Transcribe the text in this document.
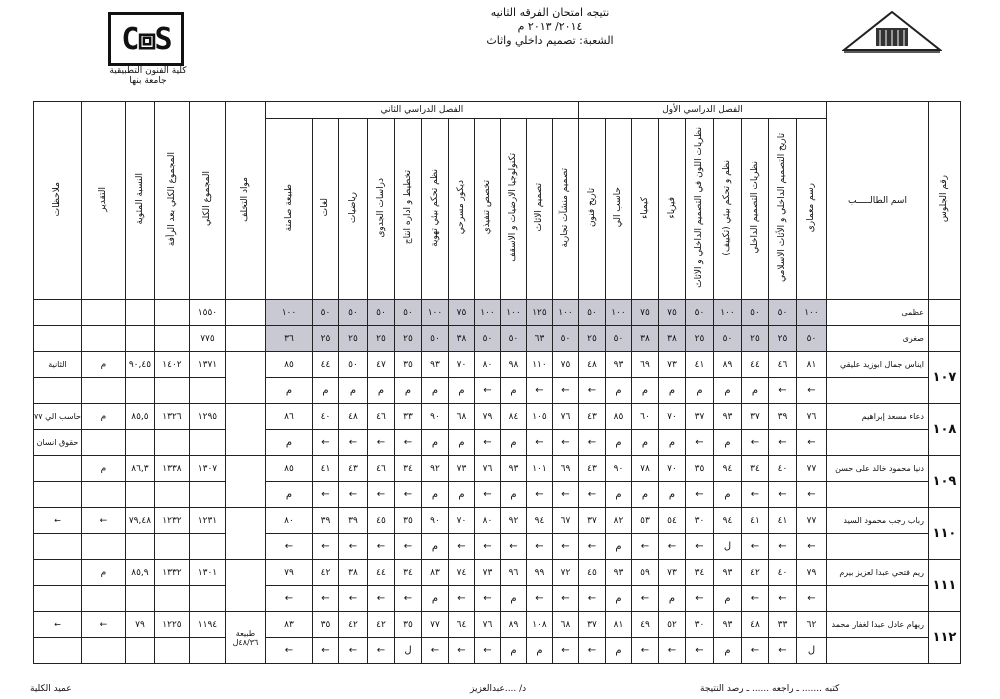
C⧈S
كلية الفنون التطبيقية
جامعة بنها
نتيجه امتحان الفرقه الثانيه
٢٠١٤/ ٢٠١٣ م
الشعبة: تصميم داخلي واثاث
رقم الجلوس	اسم الطالـــــب	الفصل الدراسي الأول									الفصل الدراسي الثاني											مواد التخلف	المجموع الكلي	المجموع الكلي بعد الرأفة	النسبة المئوية	التقدير	ملاحظات
		رسم معمارى	تاريخ التصميم الداخلي و الأثاث الاسلامي	نظريات التصميم الداخلي	نظم و تحكم بيئي (تكييف)	نظريات اللون في التصميم الداخلي و الاثاث	فيزياء	كيمياء	حاسب الي	تاريخ فنون	تصميم منشآت تجارية	تصميم الاثاث	تكنولوجيا الارضيات و الاسقف	تخصص تنفيذي	ديكور مسرحي	نظم تحكم بيئي تهوية	تخطيط و اداره انتاج	دراسات الجدوى	رياضيات	لغات	طبيعة صامتة						
	عظمى	١٠٠	٥٠	٥٠	١٠٠	٥٠	٧٥	٧٥	١٠٠	٥٠	١٠٠	١٢٥	١٠٠	١٠٠	٧٥	١٠٠	٥٠	٥٠	٥٠	٥٠	١٠٠		١٥٥٠				
	صغرى	٥٠	٢٥	٢٥	٥٠	٢٥	٣٨	٣٨	٥٠	٢٥	٥٠	٦٣	٥٠	٥٠	٣٨	٥٠	٢٥	٢٥	٢٥	٢٥	٣٦		٧٧٥				
١٠٧	ايناس جمال ابوزيد عليقي	٨١	٤٦	٤٤	٨٩	٤١	٧٣	٦٩	٩٣	٤٨	٧٥	١١٠	٩٨	٨٠	٧٠	٩٣	٣٥	٤٧	٥٠	٤٤	٨٥		١٣٧١	١٤٠٢	٩٠,٤٥	م	الثانية
		←	←	م	م	م	م	م	م	←	←	←	م	←	م	م	م	م	م	م	م						
١٠٨	دعاء مسعد إبراهيم	٧٦	٣٩	٣٧	٩٣	٣٧	٧٠	٦٠	٨٥	٤٣	٧٦	١٠٥	٨٤	٧٩	٦٨	٩٠	٣٣	٤٦	٤٨	٤٠	٨٦		١٢٩٥	١٣٢٦	٨٥,٥	م	حاسب الي ٧٧
		←	←	←	م	←	م	م	م	←	←	←	م	←	م	م	←	←	←	←	م						حقوق انسان
١٠٩	دنيا محمود خالد على حسن	٧٧	٤٠	٣٤	٩٤	٣٥	٧٠	٧٨	٩٠	٤٣	٦٩	١٠١	٩٣	٧٦	٧٣	٩٢	٣٤	٤٦	٤٣	٤١	٨٥		١٣٠٧	١٣٣٨	٨٦,٣	م	
		←	←	←	م	←	م	م	م	←	←	←	م	←	م	م	←	←	←	←	م						
١١٠	رباب رجب محمود السيد	٧٧	٤١	٤١	٩٤	٣٠	٥٤	٥٣	٨٢	٣٧	٦٧	٩٤	٩٢	٨٠	٧٠	٩٠	٣٥	٤٥	٣٩	٣٩	٨٠		١٢٣١	١٢٣٢	٧٩,٤٨	←	←
		←	←	←	ل	←	←	←	م	←	←	←	←	←	←	م	←	←	←	←	←						
١١١	ريم فتحي عبدا لعزيز بيرم	٧٩	٤٠	٤٢	٩٣	٣٤	٧٣	٥٩	٩٣	٤٥	٧٢	٩٩	٩٦	٧٣	٧٤	٨٣	٣٤	٤٤	٣٨	٤٢	٧٩		١٣٠١	١٣٣٢	٨٥,٩	م	
		←	←	←	م	←	م	←	م	←	←	←	م	←	←	م	←	←	←	←	←						
١١٢	ريهام عادل عبدا لغفار محمد	٦٢	٣٣	٤٨	٩٣	٣٠	٥٢	٤٩	٨١	٣٧	٦٨	١٠٨	٨٩	٧٦	٦٤	٧٧	٣٥	٤٢	٤٢	٣٥	٨٣	طبيعة ٤٨/٣٦ل	١١٩٤	١٢٢٥	٧٩	←	←
		ل	←	←	م	←	←	←	م	←	←	م	م	←	←	←	ل	←	←	←	←						
عميد الكلية	د/ ....عبدالعزيز	كتبه ....... ـ راجعه ...... ـ رصد النتيجة
